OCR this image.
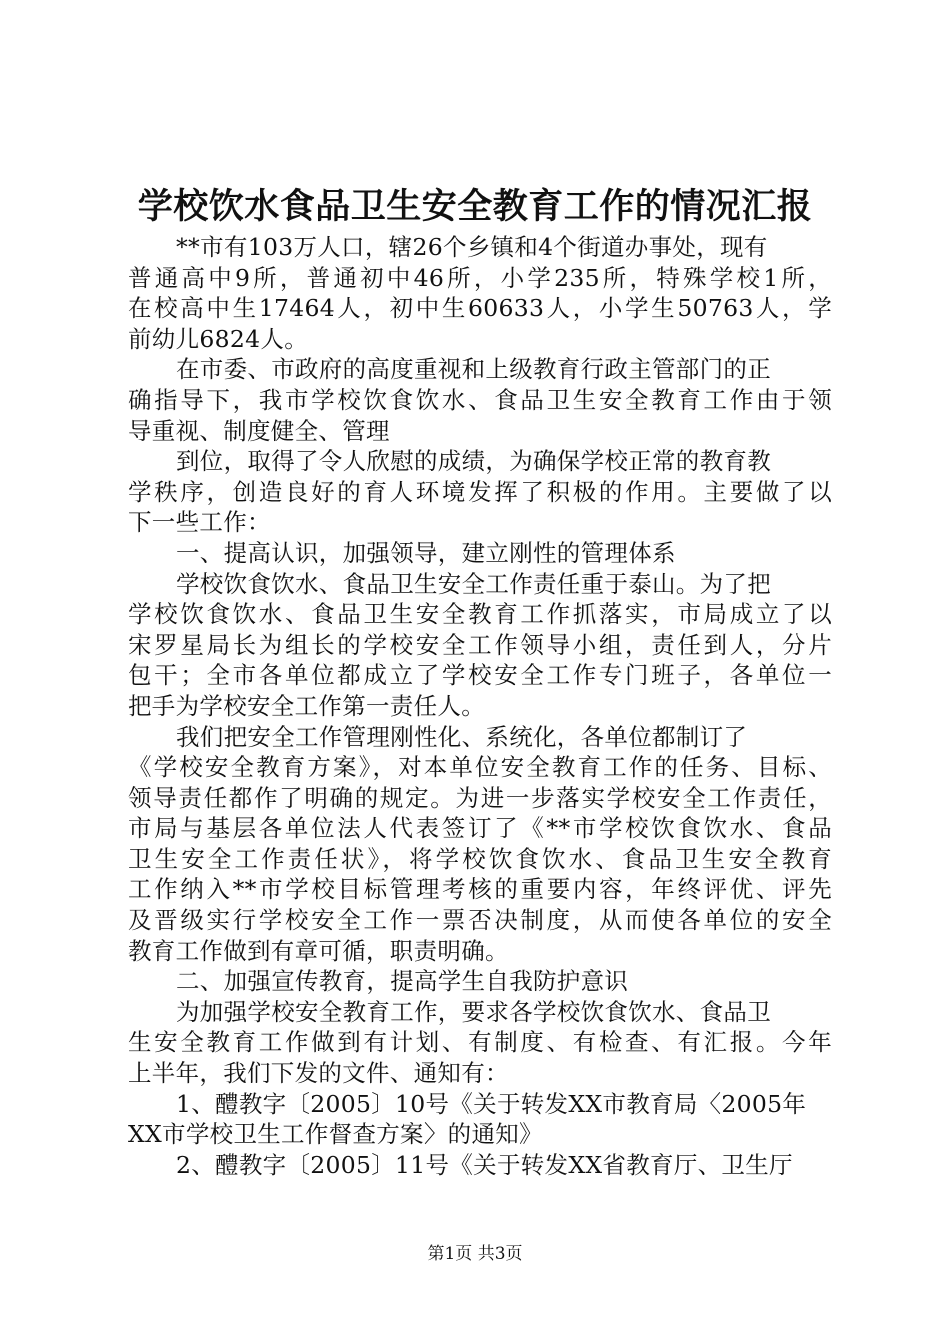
学校饮水食品卫生安全教育工作的情况汇报
**市有103万人口，辖26个乡镇和4个街道办事处，现有
普通高中9所，普通初中46所，小学235所，特殊学校1所，
在校高中生17464人，初中生60633人，小学生50763人，学
前幼儿6824人。
在市委、市政府的高度重视和上级教育行政主管部门的正
确指导下，我市学校饮食饮水、食品卫生安全教育工作由于领
导重视、制度健全、管理
到位，取得了令人欣慰的成绩，为确保学校正常的教育教
学秩序，创造良好的育人环境发挥了积极的作用。主要做了以
下一些工作：
一、提高认识，加强领导，建立刚性的管理体系
学校饮食饮水、食品卫生安全工作责任重于泰山。为了把
学校饮食饮水、食品卫生安全教育工作抓落实，市局成立了以
宋罗星局长为组长的学校安全工作领导小组，责任到人，分片
包干；全市各单位都成立了学校安全工作专门班子，各单位一
把手为学校安全工作第一责任人。
我们把安全工作管理刚性化、系统化，各单位都制订了
《学校安全教育方案》，对本单位安全教育工作的任务、目标、
领导责任都作了明确的规定。为进一步落实学校安全工作责任，
市局与基层各单位法人代表签订了《**市学校饮食饮水、食品
卫生安全工作责任状》，将学校饮食饮水、食品卫生安全教育
工作纳入**市学校目标管理考核的重要内容，年终评优、评先
及晋级实行学校安全工作一票否决制度，从而使各单位的安全
教育工作做到有章可循，职责明确。
二、加强宣传教育，提高学生自我防护意识
为加强学校安全教育工作，要求各学校饮食饮水、食品卫
生安全教育工作做到有计划、有制度、有检查、有汇报。今年
上半年，我们下发的文件、通知有：
1、醴教字〔2005〕10号《关于转发XX市教育局〈2005年
XX市学校卫生工作督查方案〉的通知》
2、醴教字〔2005〕11号《关于转发XX省教育厅、卫生厅
第1页 共3页
